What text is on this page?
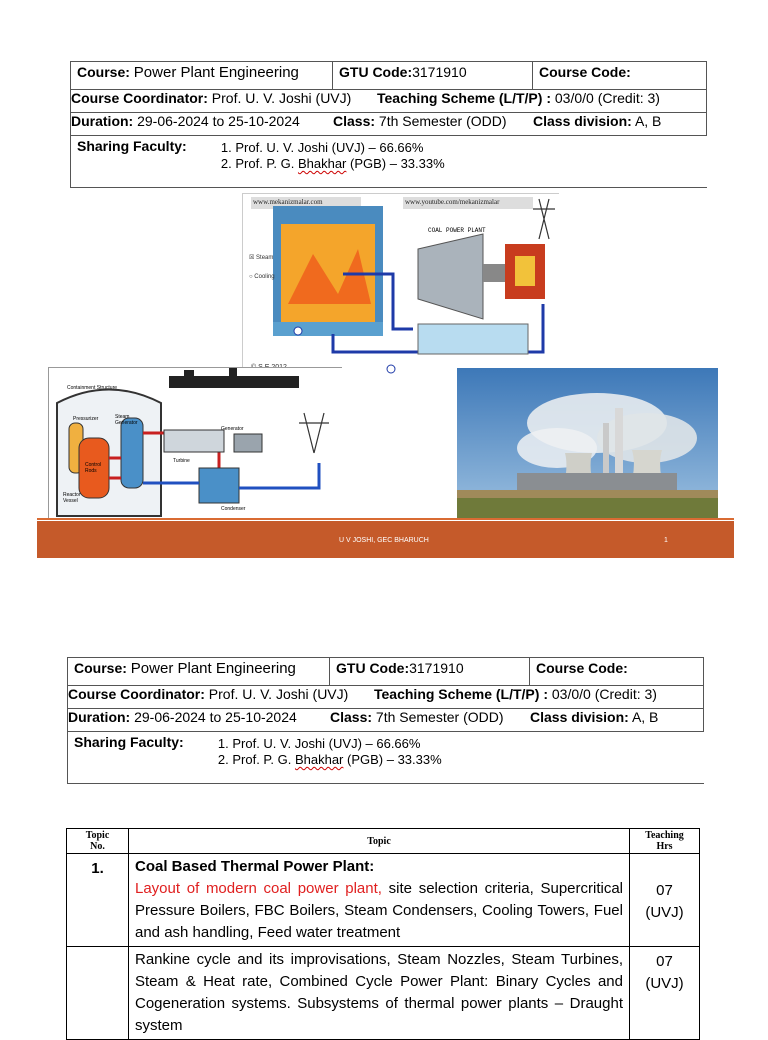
Course: Power Plant Engineering	GTU Code:3171910	Course Code:

Course Coordinator: Prof. U. V. Joshi (UVJ)	Teaching Scheme (L/T/P) : 03/0/0 (Credit: 3)

Duration: 29-06-2024 to 25-10-2024	Class: 7th Semester (ODD)	Class division: A, B

Sharing Faculty:	1. Prof. U. V. Joshi (UVJ) – 66.66%
2. Prof. P. G. Bhakhar (PGB) – 33.33%
www.mekanizmalar.com	www.youtube.com/mekanizmalar
COAL POWER PLANT
☒ Steam
○ Cooling
Containment Structure
Pressurizer	Steam Generator
Generator
Turbine
Control Rods
Reactor Vessel
Condenser
U V JOSHI, GEC BHARUCH	1
Course: Power Plant Engineering	GTU Code:3171910	Course Code:

Course Coordinator: Prof. U. V. Joshi (UVJ)	Teaching Scheme (L/T/P) : 03/0/0 (Credit: 3)

Duration: 29-06-2024 to 25-10-2024	Class: 7th Semester (ODD)	Class division: A, B

Sharing Faculty:	1. Prof. U. V. Joshi (UVJ) – 66.66%
2. Prof. P. G. Bhakhar (PGB) – 33.33%
Topic No.	Topic	Teaching Hrs
1.	Coal Based Thermal Power Plant:
Layout of modern coal power plant, site selection criteria, Supercritical Pressure Boilers, FBC Boilers, Steam Condensers, Cooling Towers, Fuel and ash handling, Feed water treatment	07
(UVJ)
	Rankine cycle and its improvisations, Steam Nozzles, Steam Turbines, Steam & Heat rate, Combined Cycle Power Plant: Binary Cycles and Cogeneration systems. Subsystems of thermal power plants – Draught system	07
(UVJ)
